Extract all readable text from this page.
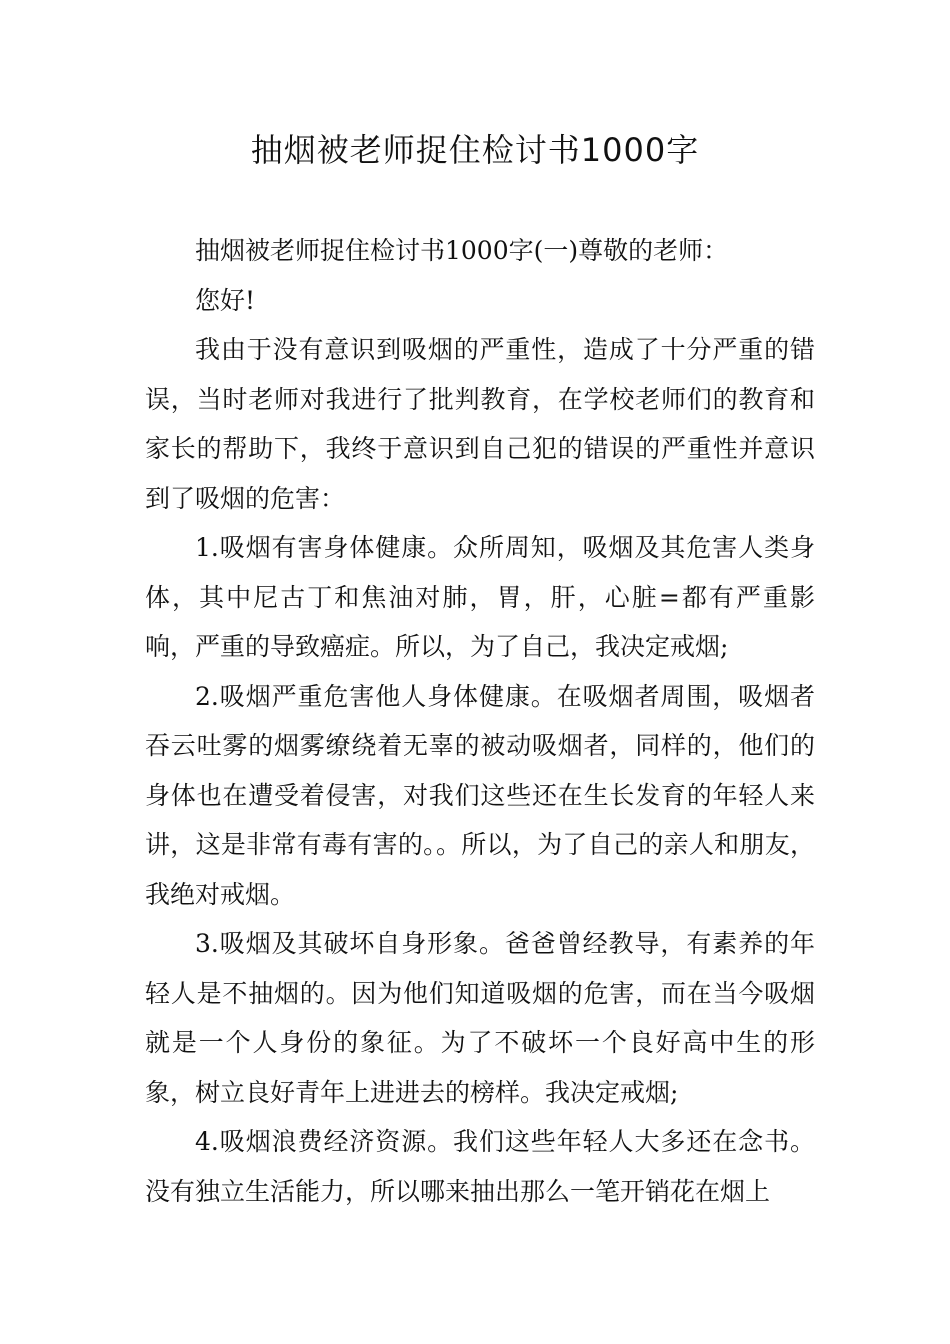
抽烟被老师捉住检讨书1000字

抽烟被老师捉住检讨书1000字(一)尊敬的老师：

您好!

我由于没有意识到吸烟的严重性，造成了十分严重的错误，当时老师对我进行了批判教育，在学校老师们的教育和家长的帮助下，我终于意识到自己犯的错误的严重性并意识到了吸烟的危害：

1.吸烟有害身体健康。众所周知，吸烟及其危害人类身体，其中尼古丁和焦油对肺，胃，肝，心脏=都有严重影响，严重的导致癌症。所以，为了自己，我决定戒烟;

2.吸烟严重危害他人身体健康。在吸烟者周围，吸烟者吞云吐雾的烟雾缭绕着无辜的被动吸烟者，同样的，他们的身体也在遭受着侵害，对我们这些还在生长发育的年轻人来讲，这是非常有毒有害的。。所以，为了自己的亲人和朋友，我绝对戒烟。

3.吸烟及其破坏自身形象。爸爸曾经教导，有素养的年轻人是不抽烟的。因为他们知道吸烟的危害，而在当今吸烟就是一个人身份的象征。为了不破坏一个良好高中生的形象，树立良好青年上进进去的榜样。我决定戒烟;

4.吸烟浪费经济资源。我们这些年轻人大多还在念书。没有独立生活能力，所以哪来抽出那么一笔开销花在烟上
